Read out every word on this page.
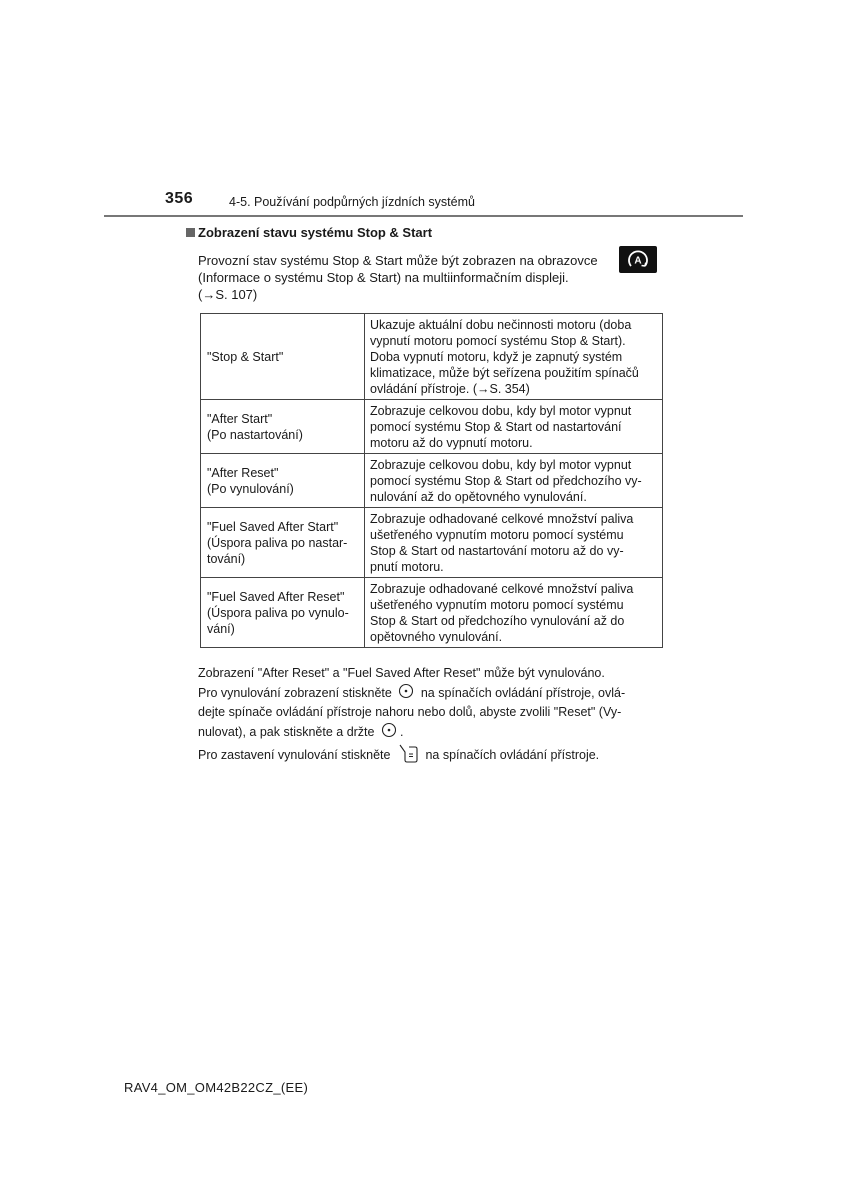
356	4-5. Používání podpůrných jízdních systémů
Zobrazení stavu systému Stop & Start
Provozní stav systému Stop & Start může být zobrazen na obrazovce
(Informace o systému Stop & Start) na multiinformačním displeji.
(→S. 107)
A
"Stop & Start"	Ukazuje aktuální dobu nečinnosti motoru (doba
vypnutí motoru pomocí systému Stop & Start).
Doba vypnutí motoru, když je zapnutý systém
klimatizace, může být seřízena použitím spínačů
ovládání přístroje. (→S. 354)

"After Start"
(Po nastartování)	Zobrazuje celkovou dobu, kdy byl motor vypnut
pomocí systému Stop & Start od nastartování
motoru až do vypnutí motoru.

"After Reset"
(Po vynulování)	Zobrazuje celkovou dobu, kdy byl motor vypnut
pomocí systému Stop & Start od předchozího vy-
nulování až do opětovného vynulování.

"Fuel Saved After Start"
(Úspora paliva po nastar-
tování)	Zobrazuje odhadované celkové množství paliva
ušetřeného vypnutím motoru pomocí systému
Stop & Start od nastartování motoru až do vy-
pnutí motoru.

"Fuel Saved After Reset"
(Úspora paliva po vynulo-
vání)	Zobrazuje odhadované celkové množství paliva
ušetřeného vypnutím motoru pomocí systému
Stop & Start od předchozího vynulování až do
opětovného vynulování.
Zobrazení "After Reset" a "Fuel Saved After Reset" může být vynulováno.
Pro vynulování zobrazení stiskněte na spínačích ovládání přístroje, ovlá-
dejte spínače ovládání přístroje nahoru nebo dolů, abyste zvolili "Reset" (Vy-
nulovat), a pak stiskněte a držte .
Pro zastavení vynulování stiskněte	na spínačích ovládání přístroje.
RAV4_OM_OM42B22CZ_(EE)
